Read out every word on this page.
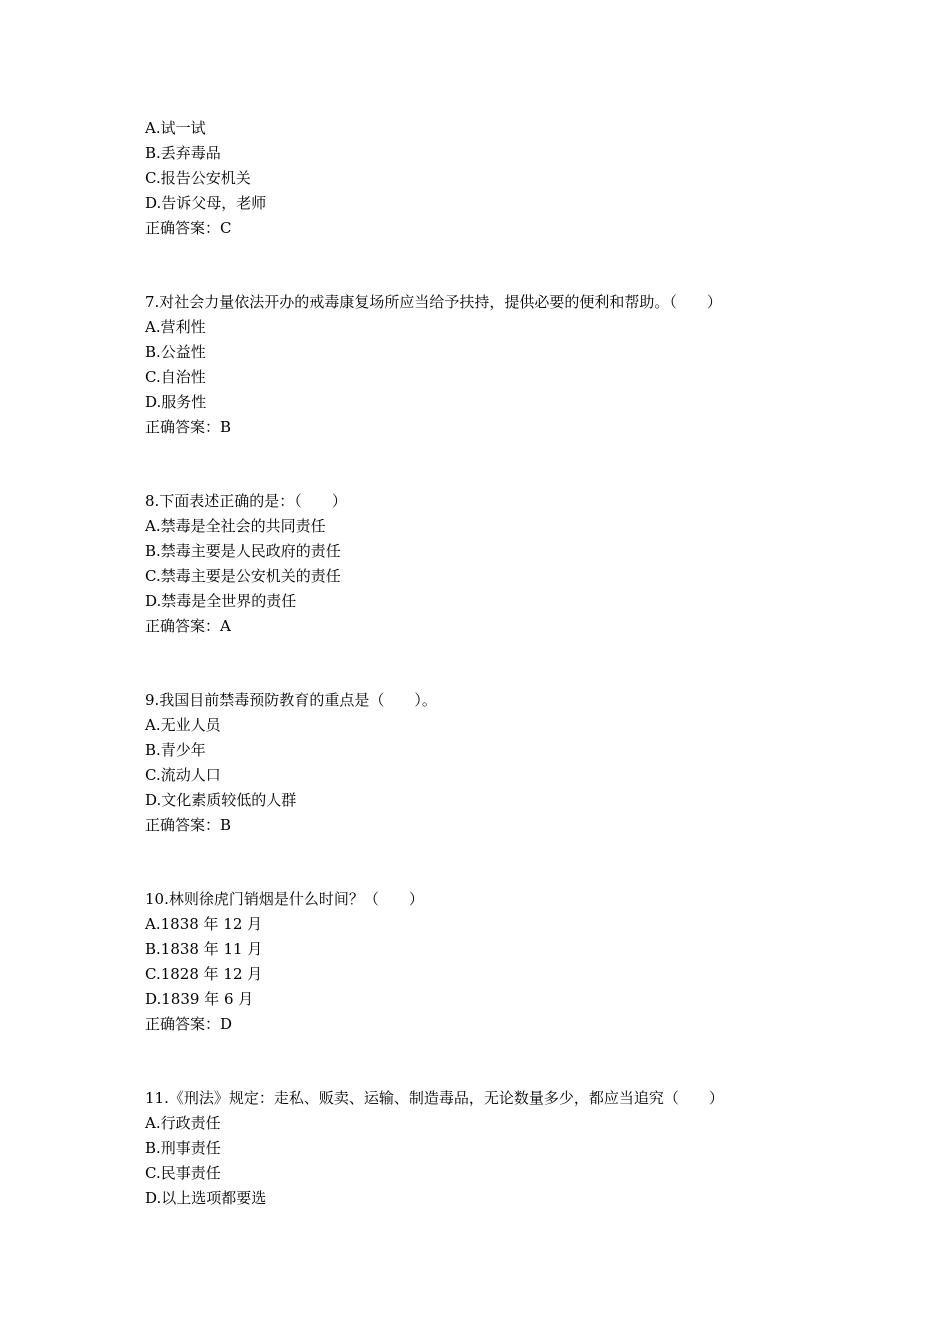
A.试一试
B.丢弃毒品
C.报告公安机关
D.告诉父母，老师
正确答案：C
7.对社会力量依法开办的戒毒康复场所应当给予扶持，提供必要的便利和帮助。（　　）
A.营利性
B.公益性
C.自治性
D.服务性
正确答案：B
8.下面表述正确的是：（　　）
A.禁毒是全社会的共同责任
B.禁毒主要是人民政府的责任
C.禁毒主要是公安机关的责任
D.禁毒是全世界的责任
正确答案：A
9.我国目前禁毒预防教育的重点是（　　）。
A.无业人员
B.青少年
C.流动人口
D.文化素质较低的人群
正确答案：B
10.林则徐虎门销烟是什么时间？（　　）
A.1838 年 12 月
B.1838 年 11 月
C.1828 年 12 月
D.1839 年 6 月
正确答案：D
11.《刑法》规定：走私、贩卖、运输、制造毒品，无论数量多少，都应当追究（　　）
A.行政责任
B.刑事责任
C.民事责任
D.以上选项都要选
